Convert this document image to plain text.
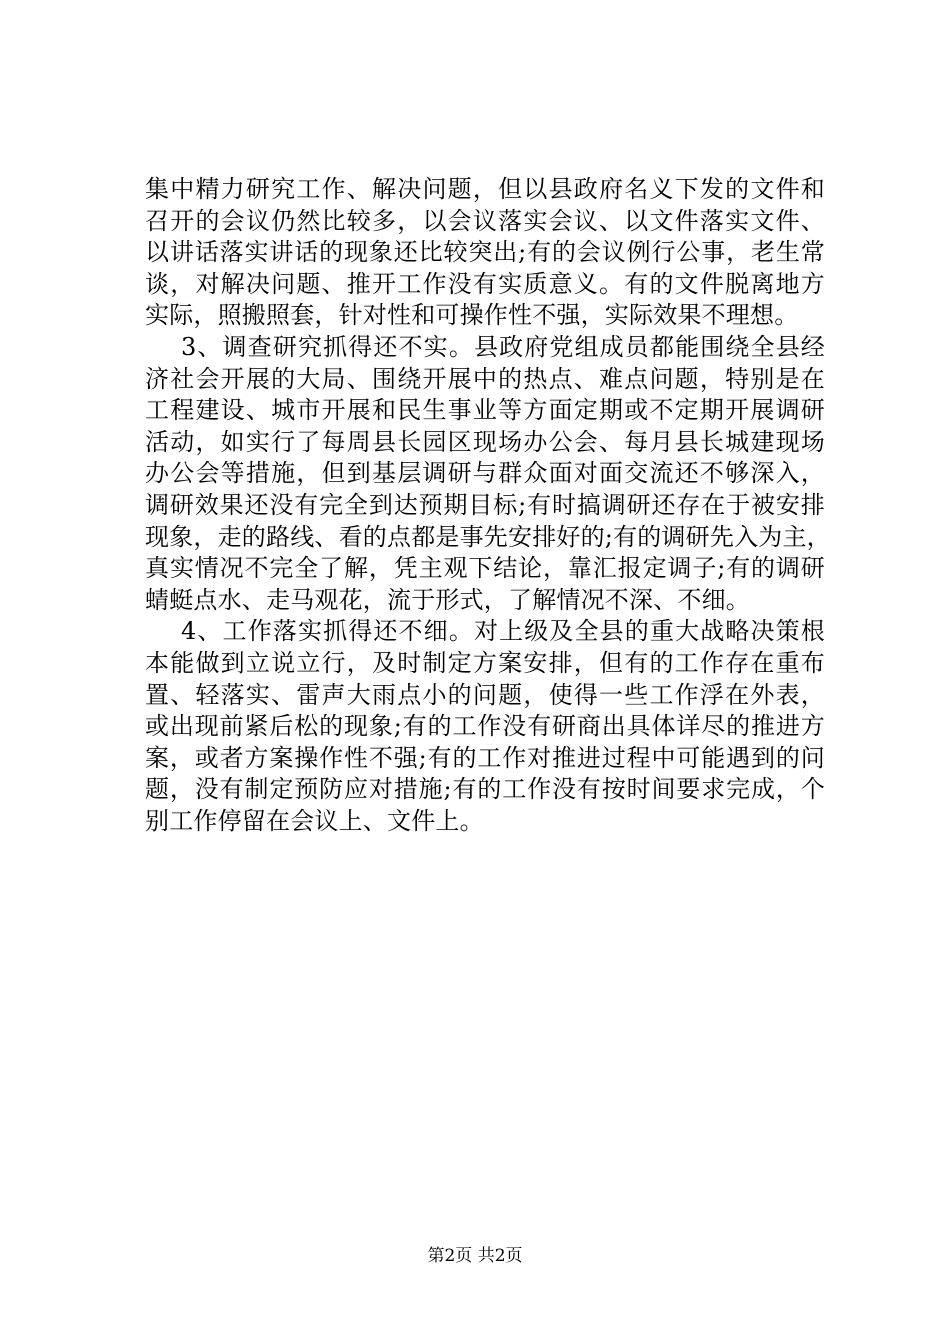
集中精力研究工作、解决问题，但以县政府名义下发的文件和
召开的会议仍然比较多，以会议落实会议、以文件落实文件、
以讲话落实讲话的现象还比较突出;有的会议例行公事，老生常
谈，对解决问题、推开工作没有实质意义。有的文件脱离地方
实际，照搬照套，针对性和可操作性不强，实际效果不理想。
3、调查研究抓得还不实。县政府党组成员都能围绕全县经
济社会开展的大局、围绕开展中的热点、难点问题，特别是在
工程建设、城市开展和民生事业等方面定期或不定期开展调研
活动，如实行了每周县长园区现场办公会、每月县长城建现场
办公会等措施，但到基层调研与群众面对面交流还不够深入，
调研效果还没有完全到达预期目标;有时搞调研还存在于被安排
现象，走的路线、看的点都是事先安排好的;有的调研先入为主，
真实情况不完全了解，凭主观下结论，靠汇报定调子;有的调研
蜻蜓点水、走马观花，流于形式，了解情况不深、不细。
4、工作落实抓得还不细。对上级及全县的重大战略决策根
本能做到立说立行，及时制定方案安排，但有的工作存在重布
置、轻落实、雷声大雨点小的问题，使得一些工作浮在外表，
或出现前紧后松的现象;有的工作没有研商出具体详尽的推进方
案，或者方案操作性不强;有的工作对推进过程中可能遇到的问
题，没有制定预防应对措施;有的工作没有按时间要求完成，个
别工作停留在会议上、文件上。
第2页 共2页
